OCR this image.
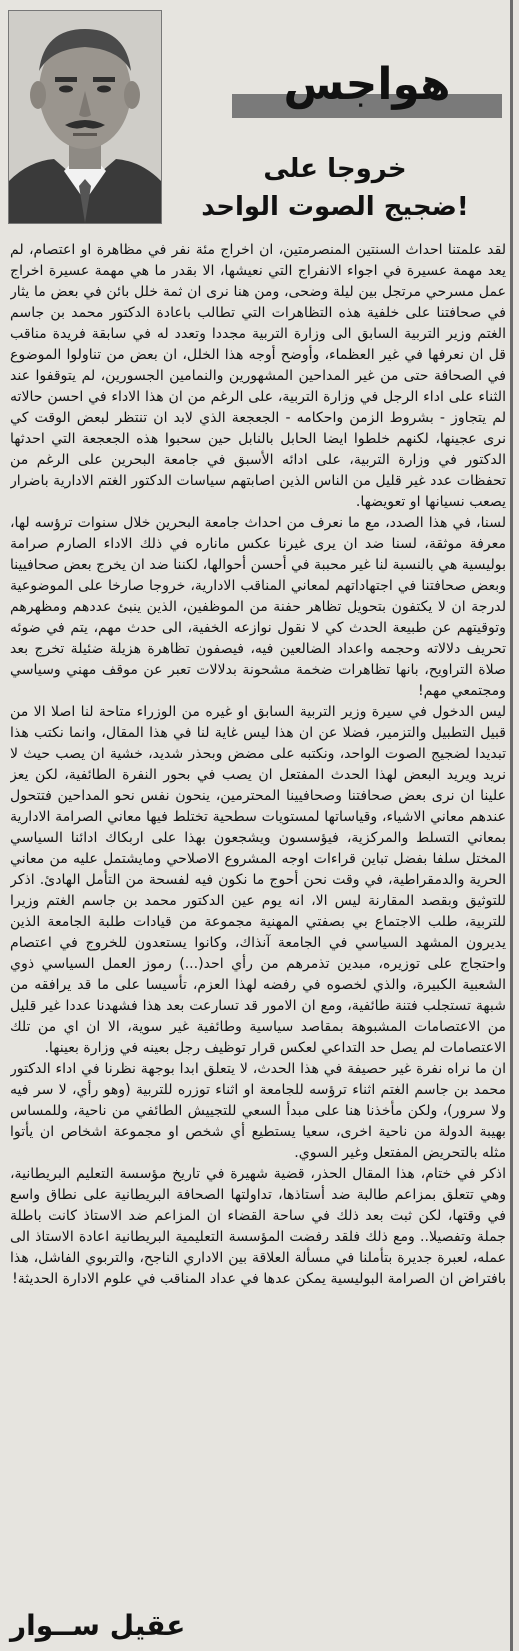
هواجس
خروجا على
ضجيج الصوت الواحد!

لقد علمتنا احداث السنتين المنصرمتين، ان اخراج مئة نفر في مظاهرة او اعتصام، لم يعد مهمة عسيرة في اجواء الانفراج التي نعيشها، الا بقدر ما هي مهمة عسيرة اخراج عمل مسرحي مرتجل بين ليلة وضحى، ومن هنا نرى ان ثمة خلل بائن في بعض ما يثار في صحافتنا على خلفية هذه التظاهرات التي تطالب باعادة الدكتور محمد بن جاسم الغتم وزير التربية السابق الى وزارة التربية مجددا وتعدد له في سابقة فريدة مناقب قل ان نعرفها في غير العظماء، وأوضح أوجه هذا الخلل، ان بعض من تناولوا الموضوع في الصحافة حتى من غير المداحين المشهورين والنمامين الجسورين، لم يتوقفوا عند الثناء على اداء الرجل في وزارة التربية، على الرغم من ان هذا الاداء في احسن حالاته لم يتجاوز - بشروط الزمن واحكامه - الجعجعة الذي لابد ان تنتظر لبعض الوقت كي نرى عجينها، لكنهم خلطوا ايضا الحابل بالنابل حين سحبوا هذه الجعجعة التي احدثها الدكتور في وزارة التربية، على ادائه الأسبق في جامعة البحرين على الرغم من تحفظات عدد غير قليل من الناس الذين اصابتهم سياسات الدكتور الغتم الادارية باضرار يصعب نسيانها او تعويضها.

لسنا، في هذا الصدد، مع ما نعرف من احداث جامعة البحرين خلال سنوات ترؤسه لها، معرفة موثقة، لسنا ضد ان يرى غيرنا عكس ماناره في ذلك الاداء الصارم صرامة بوليسية هي بالنسبة لنا غير محببة في أحسن أحوالها، لكننا ضد ان يخرج بعض صحافيينا وبعض صحافتنا في اجتهاداتهم لمعاني المناقب الادارية، خروجا صارخا على الموضوعية لدرجة ان لا يكتفون بتحويل تظاهر حفنة من الموظفين، الذين ينبئ عددهم ومظهرهم وتوقيتهم عن طبيعة الحدث كي لا نقول نوازعه الخفية، الى حدث مهم، يتم في ضوئه تحريف دلالاته وحجمه واعداد الضالعين فيه، فيصفون تظاهرة هزيلة ضئيلة تخرج بعد صلاة التراويح، بانها تظاهرات ضخمة مشحونة بدلالات تعبر عن موقف مهني وسياسي ومجتمعي مهم!

ليس الدخول في سيرة وزير التربية السابق او غيره من الوزراء متاحة لنا اصلا الا من قبيل التطبيل والتزمير، فضلا عن ان هذا ليس غاية لنا في هذا المقال، وانما نكتب هذا تبديدا لضجيج الصوت الواحد، ونكتبه على مضض وبحذر شديد، خشية ان يصب حيث لا نريد ويريد البعض لهذا الحدث المفتعل ان يصب في بحور النفرة الطائفية، لكن يعز علينا ان نرى بعض صحافتنا وصحافيينا المحترمين، ينحون نفس نحو المداحين فتتحول عندهم معاني الاشياء، وقياساتها لمستويات سطحية تختلط فيها معاني الصرامة الادارية بمعاني التسلط والمركزية، فيؤسسون ويشجعون بهذا على اربكاك ادائنا السياسي المختل سلفا بفضل تباين قراءات اوجه المشروع الاصلاحي ومايشتمل عليه من معاني الحرية والدمقراطية، في وقت نحن أحوج ما نكون فيه لفسحة من التأمل الهادئ. اذكر للتوثيق وبقصد المقارنة ليس الا، انه يوم عين الدكتور محمد بن جاسم الغتم وزيرا للتربية، طلب الاجتماع بي بصفتي المهنية مجموعة من قيادات طلبة الجامعة الذين يديرون المشهد السياسي في الجامعة آنذاك، وكانوا يستعدون للخروج في اعتصام واحتجاج على توزيره، مبدين تذمرهم من رأي احد(...) رموز العمل السياسي ذوي الشعبية الكبيرة، والذي لخصوه في رفضه لهذا العزم، تأسيسا على ما قد يرافقه من شبهة تستجلب فتنة طائفية، ومع ان الامور قد تسارعت بعد هذا فشهدنا عددا غير قليل من الاعتصامات المشبوهة بمقاصد سياسية وطائفية غير سوية، الا ان اي من تلك الاعتصامات لم يصل حد التداعي لعكس قرار توظيف رجل بعينه في وزارة بعينها.

ان ما نراه نفرة غير حصيفة في هذا الحدث، لا يتعلق ابدا بوجهة نظرنا في اداء الدكتور محمد بن جاسم الغتم اثناء ترؤسه للجامعة او اثناء توزره للتربية (وهو رأي، لا سر فيه ولا سرور)، ولكن مأخذنا هنا على مبدأ السعي للتجييش الطائفي من ناحية، وللمساس بهيبة الدولة من ناحية اخرى، سعيا يستطيع أي شخص او مجموعة اشخاص ان يأتوا مثله بالتحريض المفتعل وغير السوي.

اذكر في ختام، هذا المقال الحذر، قضية شهيرة في تاريخ مؤسسة التعليم البريطانية، وهي تتعلق بمزاعم طالبة ضد أستاذها، تداولتها الصحافة البريطانية على نطاق واسع في وقتها، لكن ثبت بعد ذلك في ساحة القضاء ان المزاعم ضد الاستاذ كانت باطلة جملة وتفصيلا.. ومع ذلك فلقد رفضت المؤسسة التعليمية البريطانية اعادة الاستاذ الى عمله، لعبرة جديرة بتأملنا في مسألة العلاقة بين الاداري الناجح، والتربوي الفاشل، هذا بافتراض ان الصرامة البوليسية يمكن عدها في عداد المناقب في علوم الادارة الحديثة!

عقيل ســوار
